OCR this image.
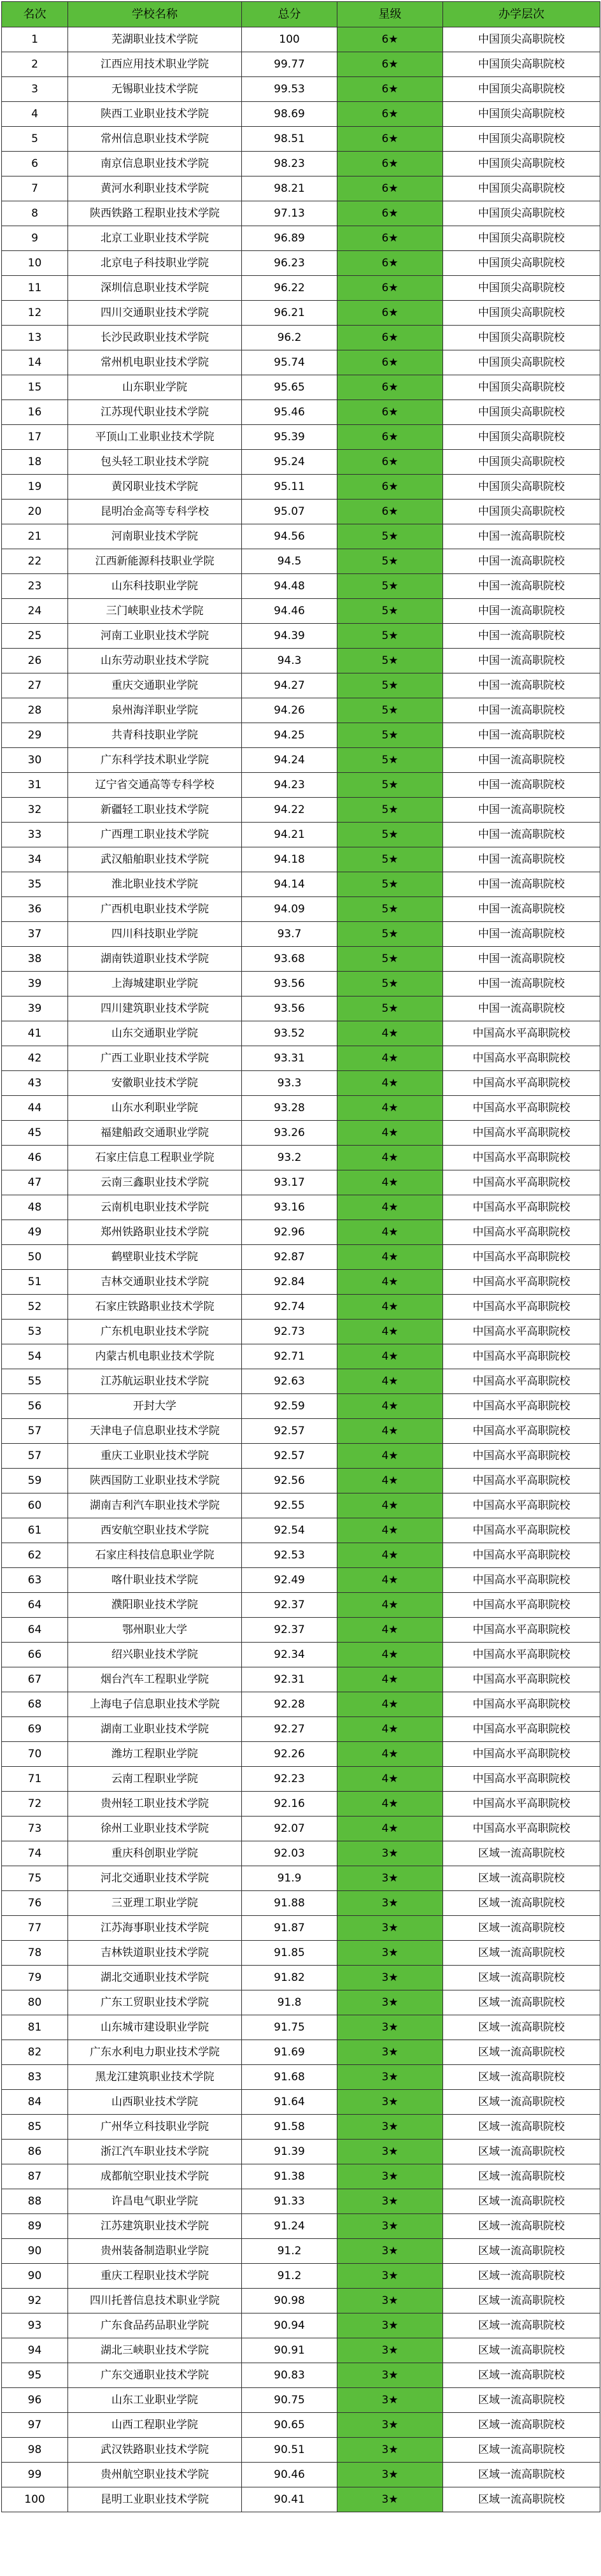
名次	学校名称	总分	星级	办学层次
1	芜湖职业技术学院	100	6★	中国顶尖高职院校
2	江西应用技术职业学院	99.77	6★	中国顶尖高职院校
3	无锡职业技术学院	99.53	6★	中国顶尖高职院校
4	陕西工业职业技术学院	98.69	6★	中国顶尖高职院校
5	常州信息职业技术学院	98.51	6★	中国顶尖高职院校
6	南京信息职业技术学院	98.23	6★	中国顶尖高职院校
7	黄河水利职业技术学院	98.21	6★	中国顶尖高职院校
8	陕西铁路工程职业技术学院	97.13	6★	中国顶尖高职院校
9	北京工业职业技术学院	96.89	6★	中国顶尖高职院校
10	北京电子科技职业学院	96.23	6★	中国顶尖高职院校
11	深圳信息职业技术学院	96.22	6★	中国顶尖高职院校
12	四川交通职业技术学院	96.21	6★	中国顶尖高职院校
13	长沙民政职业技术学院	96.2	6★	中国顶尖高职院校
14	常州机电职业技术学院	95.74	6★	中国顶尖高职院校
15	山东职业学院	95.65	6★	中国顶尖高职院校
16	江苏现代职业技术学院	95.46	6★	中国顶尖高职院校
17	平顶山工业职业技术学院	95.39	6★	中国顶尖高职院校
18	包头轻工职业技术学院	95.24	6★	中国顶尖高职院校
19	黄冈职业技术学院	95.11	6★	中国顶尖高职院校
20	昆明冶金高等专科学校	95.07	6★	中国顶尖高职院校
21	河南职业技术学院	94.56	5★	中国一流高职院校
22	江西新能源科技职业学院	94.5	5★	中国一流高职院校
23	山东科技职业学院	94.48	5★	中国一流高职院校
24	三门峡职业技术学院	94.46	5★	中国一流高职院校
25	河南工业职业技术学院	94.39	5★	中国一流高职院校
26	山东劳动职业技术学院	94.3	5★	中国一流高职院校
27	重庆交通职业学院	94.27	5★	中国一流高职院校
28	泉州海洋职业学院	94.26	5★	中国一流高职院校
29	共青科技职业学院	94.25	5★	中国一流高职院校
30	广东科学技术职业学院	94.24	5★	中国一流高职院校
31	辽宁省交通高等专科学校	94.23	5★	中国一流高职院校
32	新疆轻工职业技术学院	94.22	5★	中国一流高职院校
33	广西理工职业技术学院	94.21	5★	中国一流高职院校
34	武汉船舶职业技术学院	94.18	5★	中国一流高职院校
35	淮北职业技术学院	94.14	5★	中国一流高职院校
36	广西机电职业技术学院	94.09	5★	中国一流高职院校
37	四川科技职业学院	93.7	5★	中国一流高职院校
38	湖南铁道职业技术学院	93.68	5★	中国一流高职院校
39	上海城建职业学院	93.56	5★	中国一流高职院校
39	四川建筑职业技术学院	93.56	5★	中国一流高职院校
41	山东交通职业学院	93.52	4★	中国高水平高职院校
42	广西工业职业技术学院	93.31	4★	中国高水平高职院校
43	安徽职业技术学院	93.3	4★	中国高水平高职院校
44	山东水利职业学院	93.28	4★	中国高水平高职院校
45	福建船政交通职业学院	93.26	4★	中国高水平高职院校
46	石家庄信息工程职业学院	93.2	4★	中国高水平高职院校
47	云南三鑫职业技术学院	93.17	4★	中国高水平高职院校
48	云南机电职业技术学院	93.16	4★	中国高水平高职院校
49	郑州铁路职业技术学院	92.96	4★	中国高水平高职院校
50	鹤壁职业技术学院	92.87	4★	中国高水平高职院校
51	吉林交通职业技术学院	92.84	4★	中国高水平高职院校
52	石家庄铁路职业技术学院	92.74	4★	中国高水平高职院校
53	广东机电职业技术学院	92.73	4★	中国高水平高职院校
54	内蒙古机电职业技术学院	92.71	4★	中国高水平高职院校
55	江苏航运职业技术学院	92.63	4★	中国高水平高职院校
56	开封大学	92.59	4★	中国高水平高职院校
57	天津电子信息职业技术学院	92.57	4★	中国高水平高职院校
57	重庆工业职业技术学院	92.57	4★	中国高水平高职院校
59	陕西国防工业职业技术学院	92.56	4★	中国高水平高职院校
60	湖南吉利汽车职业技术学院	92.55	4★	中国高水平高职院校
61	西安航空职业技术学院	92.54	4★	中国高水平高职院校
62	石家庄科技信息职业学院	92.53	4★	中国高水平高职院校
63	喀什职业技术学院	92.49	4★	中国高水平高职院校
64	濮阳职业技术学院	92.37	4★	中国高水平高职院校
64	鄂州职业大学	92.37	4★	中国高水平高职院校
66	绍兴职业技术学院	92.34	4★	中国高水平高职院校
67	烟台汽车工程职业学院	92.31	4★	中国高水平高职院校
68	上海电子信息职业技术学院	92.28	4★	中国高水平高职院校
69	湖南工业职业技术学院	92.27	4★	中国高水平高职院校
70	潍坊工程职业学院	92.26	4★	中国高水平高职院校
71	云南工程职业学院	92.23	4★	中国高水平高职院校
72	贵州轻工职业技术学院	92.16	4★	中国高水平高职院校
73	徐州工业职业技术学院	92.07	4★	中国高水平高职院校
74	重庆科创职业学院	92.03	3★	区域一流高职院校
75	河北交通职业技术学院	91.9	3★	区域一流高职院校
76	三亚理工职业学院	91.88	3★	区域一流高职院校
77	江苏海事职业技术学院	91.87	3★	区域一流高职院校
78	吉林铁道职业技术学院	91.85	3★	区域一流高职院校
79	湖北交通职业技术学院	91.82	3★	区域一流高职院校
80	广东工贸职业技术学院	91.8	3★	区域一流高职院校
81	山东城市建设职业学院	91.75	3★	区域一流高职院校
82	广东水利电力职业技术学院	91.69	3★	区域一流高职院校
83	黑龙江建筑职业技术学院	91.68	3★	区域一流高职院校
84	山西职业技术学院	91.64	3★	区域一流高职院校
85	广州华立科技职业学院	91.58	3★	区域一流高职院校
86	浙江汽车职业技术学院	91.39	3★	区域一流高职院校
87	成都航空职业技术学院	91.38	3★	区域一流高职院校
88	许昌电气职业学院	91.33	3★	区域一流高职院校
89	江苏建筑职业技术学院	91.24	3★	区域一流高职院校
90	贵州装备制造职业学院	91.2	3★	区域一流高职院校
90	重庆工程职业技术学院	91.2	3★	区域一流高职院校
92	四川托普信息技术职业学院	90.98	3★	区域一流高职院校
93	广东食品药品职业学院	90.94	3★	区域一流高职院校
94	湖北三峡职业技术学院	90.91	3★	区域一流高职院校
95	广东交通职业技术学院	90.83	3★	区域一流高职院校
96	山东工业职业学院	90.75	3★	区域一流高职院校
97	山西工程职业学院	90.65	3★	区域一流高职院校
98	武汉铁路职业技术学院	90.51	3★	区域一流高职院校
99	贵州航空职业技术学院	90.46	3★	区域一流高职院校
100	昆明工业职业技术学院	90.41	3★	区域一流高职院校
